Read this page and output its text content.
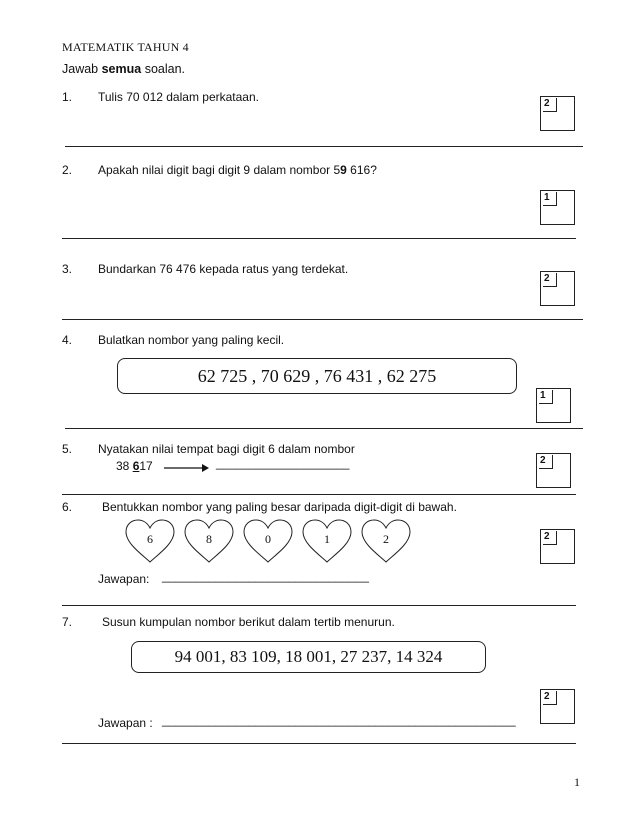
MATEMATIK TAHUN 4
Jawab semua soalan.
1. Tulis 70 012 dalam perkataan.	2
2. Apakah nilai digit bagi digit 9 dalam nombor 59 616?
1
3. Bundarkan 76 476 kepada ratus yang terdekat.
2
4. Bulatkan nombor yang paling kecil.
62 725 , 70 629 , 76 431 , 62 275
1
5. Nyatakan nilai tempat bagi digit 6 dalam nombor
38 617	____________________	2
6. Bentukkan nombor yang paling besar daripada digit-digit di bawah.
6	8	0	1	2
Jawapan: _______________________________
2
7. Susun kumpulan nombor berikut dalam tertib menurun.
94 001, 83 109, 18 001, 27 237, 14 324
2
Jawapan : _____________________________________________________
1
